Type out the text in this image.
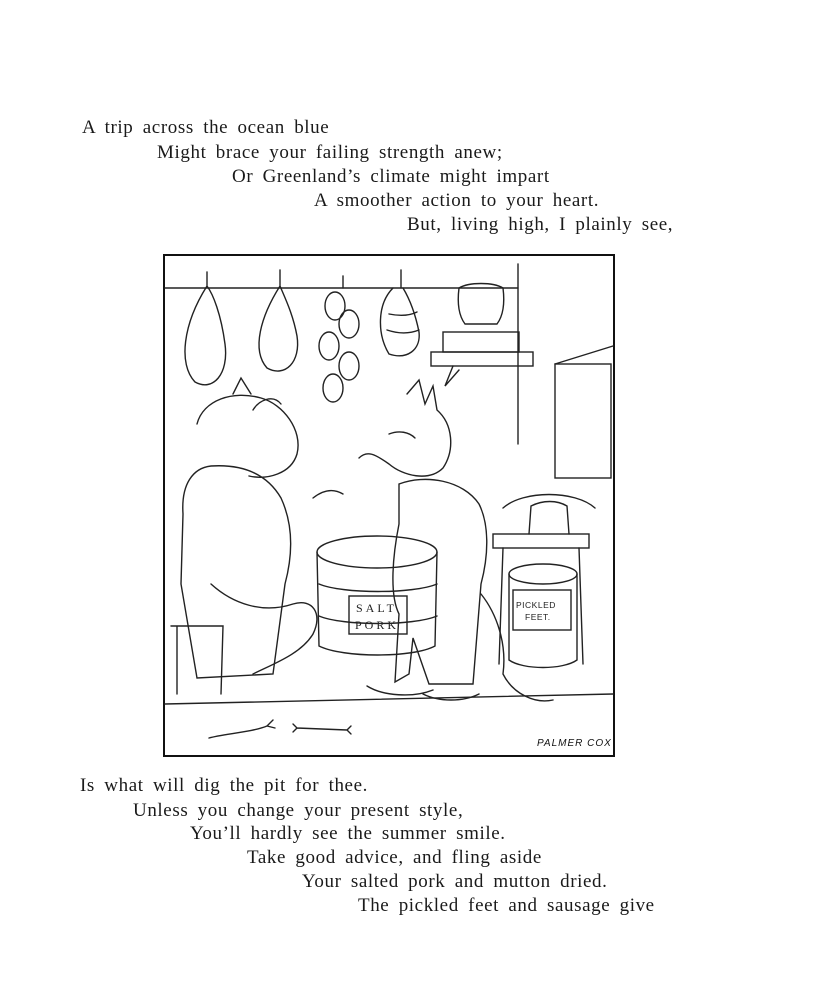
A trip across the ocean blue
Might brace your failing strength anew;
Or Greenland’s climate might impart
A smoother action to your heart.
But, living high, I plainly see,
SALT
PORK
PICKLED
FEET.
PALMER COX
Is what will dig the pit for thee.
Unless you change your present style,
You’ll hardly see the summer smile.
Take good advice, and fling aside
Your salted pork and mutton dried.
The pickled feet and sausage give
